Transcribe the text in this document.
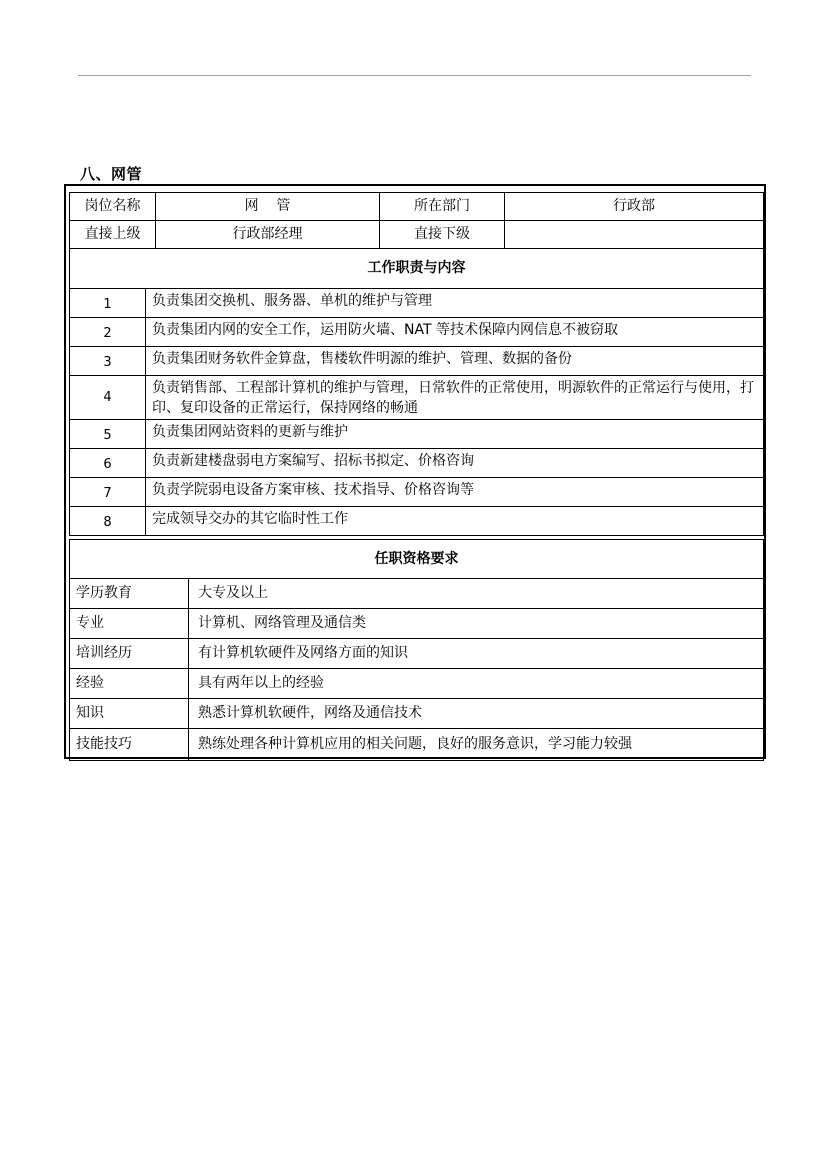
八、网管
岗位名称	网    管	所在部门	行政部
直接上级	行政部经理	直接下级	
工作职责与内容	
1	负责集团交换机、服务器、单机的维护与管理
2	负责集团内网的安全工作，运用防火墙、NAT 等技术保障内网信息不被窃取
3	负责集团财务软件金算盘，售楼软件明源的维护、管理、数据的备份
4	负责销售部、工程部计算机的维护与管理，日常软件的正常使用，明源软件的正常运行与使用，打印、复印设备的正常运行，保持网络的畅通
5	负责集团网站资料的更新与维护
6	负责新建楼盘弱电方案编写、招标书拟定、价格咨询
7	负责学院弱电设备方案审核、技术指导、价格咨询等
8	完成领导交办的其它临时性工作
任职资格要求	
学历教育	大专及以上
专业	计算机、网络管理及通信类
培训经历	有计算机软硬件及网络方面的知识
经验	具有两年以上的经验
知识	熟悉计算机软硬件，网络及通信技术
技能技巧	熟练处理各种计算机应用的相关问题，良好的服务意识，学习能力较强
